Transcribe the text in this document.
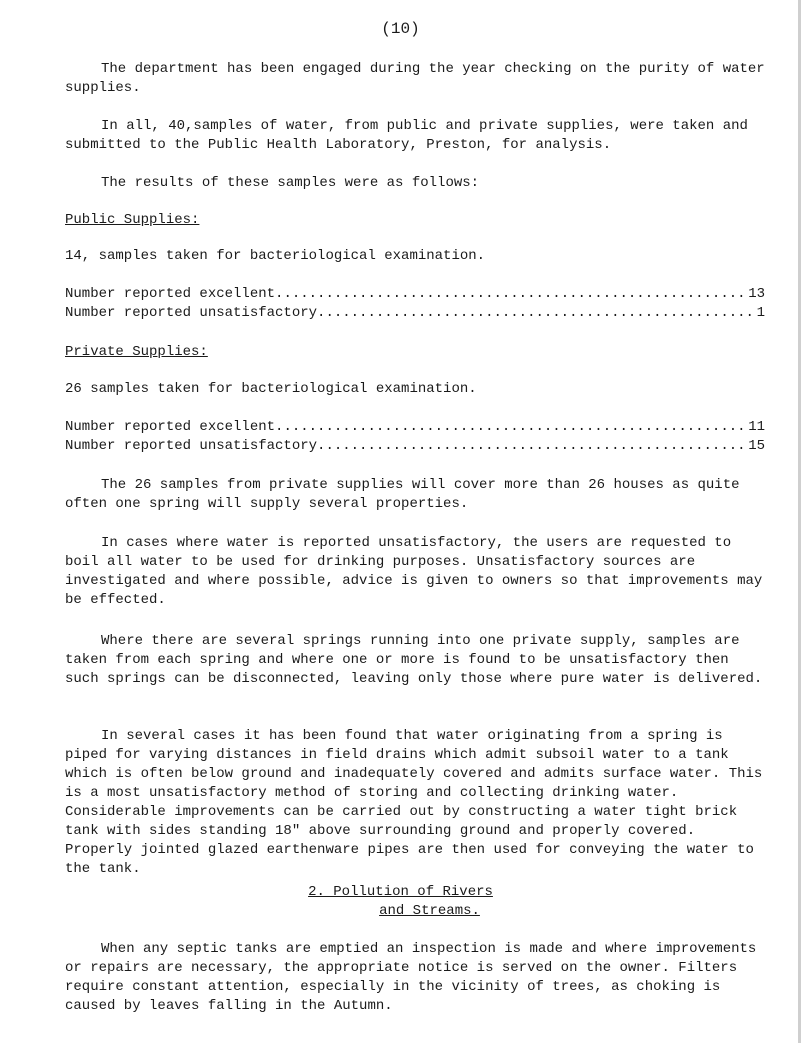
(10)
The department has been engaged during the year checking on the purity of water supplies.
In all, 40,samples of water, from public and private supplies, were taken and submitted to the Public Health Laboratory, Preston, for analysis.
The results of these samples were as follows:
Public Supplies:
14, samples taken for bacteriological examination.
Number reported excellent .....	13
Number reported unsatisfactory .....	1
Private Supplies:
26 samples taken for bacteriological examination.
Number reported excellent .....	11
Number reported unsatisfactory .....	15
The 26 samples from private supplies will cover more than 26 houses as quite often one spring will supply several properties.
In cases where water is reported unsatisfactory, the users are requested to boil all water to be used for drinking purposes. Unsatisfactory sources are investigated and where possible, advice is given to owners so that improvements may be effected.
Where there are several springs running into one private supply, samples are taken from each spring and where one or more is found to be unsatisfactory then such springs can be disconnected, leaving only those where pure water is delivered.
In several cases it has been found that water originating from a spring is piped for varying distances in field drains which admit subsoil water to a tank which is often below ground and inadequately covered and admits surface water. This is a most unsatisfactory method of storing and collecting drinking water. Considerable improvements can be carried out by constructing a water tight brick tank with sides standing 18" above surrounding ground and properly covered. Properly jointed glazed earthenware pipes are then used for conveying the water to the tank.
2. Pollution of Rivers
and Streams.
When any septic tanks are emptied an inspection is made and where improvements or repairs are necessary, the appropriate notice is served on the owner. Filters require constant attention, especially in the vicinity of trees, as choking is caused by leaves falling in the Autumn.
